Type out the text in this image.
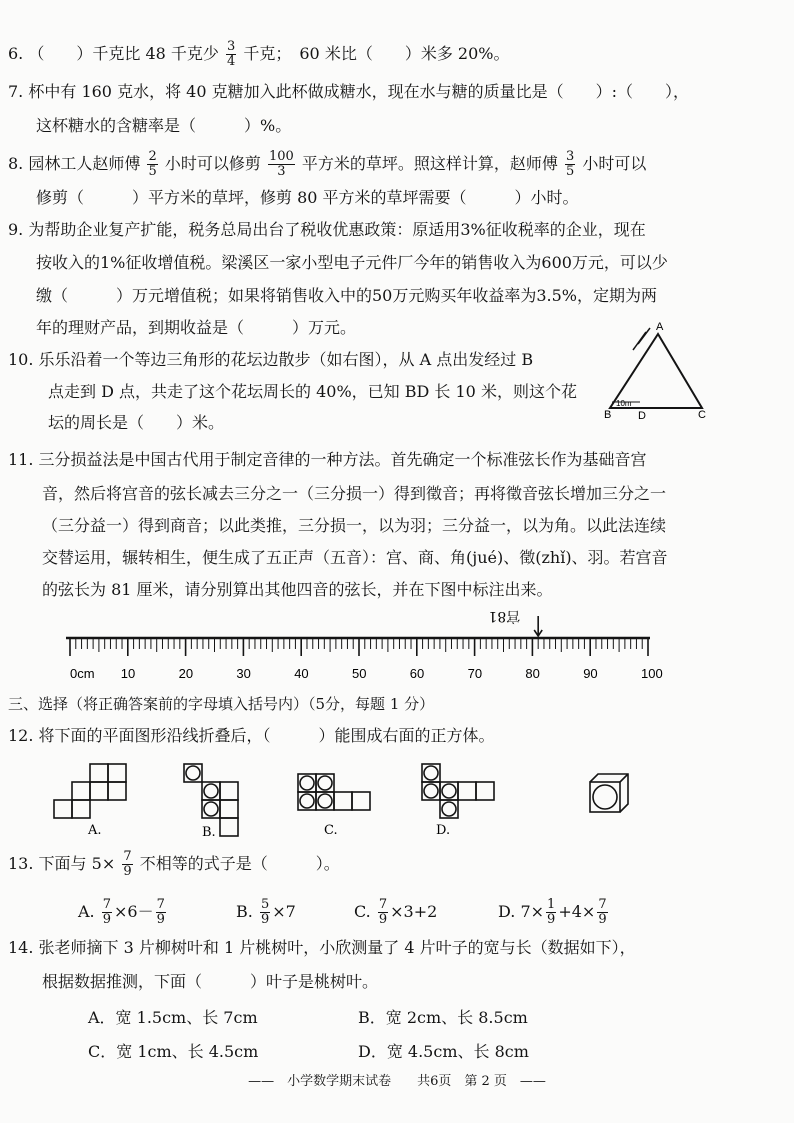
6. （　　）千克比 48 千克少 $\frac{3}{4}$ 千克；　60 米比（　　）米多 20%。
7. 杯中有 160 克水，将 40 克糖加入此杯做成糖水，现在水与糖的质量比是（　　）:（　　），
这杯糖水的含糖率是（　　　）%。
8. 园林工人赵师傅 $\frac{2}{5}$ 小时可以修剪 $\frac{100}{3}$ 平方米的草坪。照这样计算，赵师傅 $\frac{3}{5}$ 小时可以
修剪（　　　）平方米的草坪，修剪 80 平方米的草坪需要（　　　）小时。
9. 为帮助企业复产扩能，税务总局出台了税收优惠政策：原适用3%征收税率的企业，现在
按收入的1%征收增值税。梁溪区一家小型电子元件厂今年的销售收入为600万元，可以少
缴（　　　）万元增值税；如果将销售收入中的50万元购买年收益率为3.5%，定期为两
年的理财产品，到期收益是（　　　）万元。
10. 乐乐沿着一个等边三角形的花坛边散步（如右图），从 A 点出发经过 B
点走到 D 点，共走了这个花坛周长的 40%，已知 BD 长 10 米，则这个花
坛的周长是（　　）米。
A
B	C
D
10m
11. 三分损益法是中国古代用于制定音律的一种方法。首先确定一个标准弦长作为基础音宫
音，然后将宫音的弦长减去三分之一（三分损一）得到徵音；再将徵音弦长增加三分之一
（三分益一）得到商音；以此类推，三分损一，以为羽；三分益一，以为角。以此法连续
交替运用，辗转相生，便生成了五正声（五音）：宫、商、角(jué)、徵(zhǐ)、羽。若宫音
的弦长为 81 厘米，请分别算出其他四音的弦长，并在下图中标注出来。
0cm 10	20	30	40	50	60	70	80	90	100
宫81
三、选择（将正确答案前的字母填入括号内）（5分，每题 1 分）
12. 将下面的平面图形沿线折叠后，（　　　）能围成右面的正方体。
A.	B.	C.	D.
13. 下面与 $5\times \frac{7}{9}$ 不相等的式子是（　　　）。
A. $\frac{7}{9} \times 6- \frac{7}{9}$	B. $\frac{5}{9} \times 7$	C. $\frac{7}{9} \times 3+2$	D. $7\times \frac{1}{9} +4\times \frac{7}{9}$
14. 张老师摘下 3 片柳树叶和 1 片桃树叶，小欣测量了 4 片叶子的宽与长（数据如下），
根据数据推测，下面（　　　）叶子是桃树叶。
A．宽 1.5cm、长 7cm	B．宽 2cm、长 8.5cm
C．宽 1cm、长 4.5cm	D．宽 4.5cm、长 8cm
——　小学数学期末试卷　　共6页　第 2 页　——
